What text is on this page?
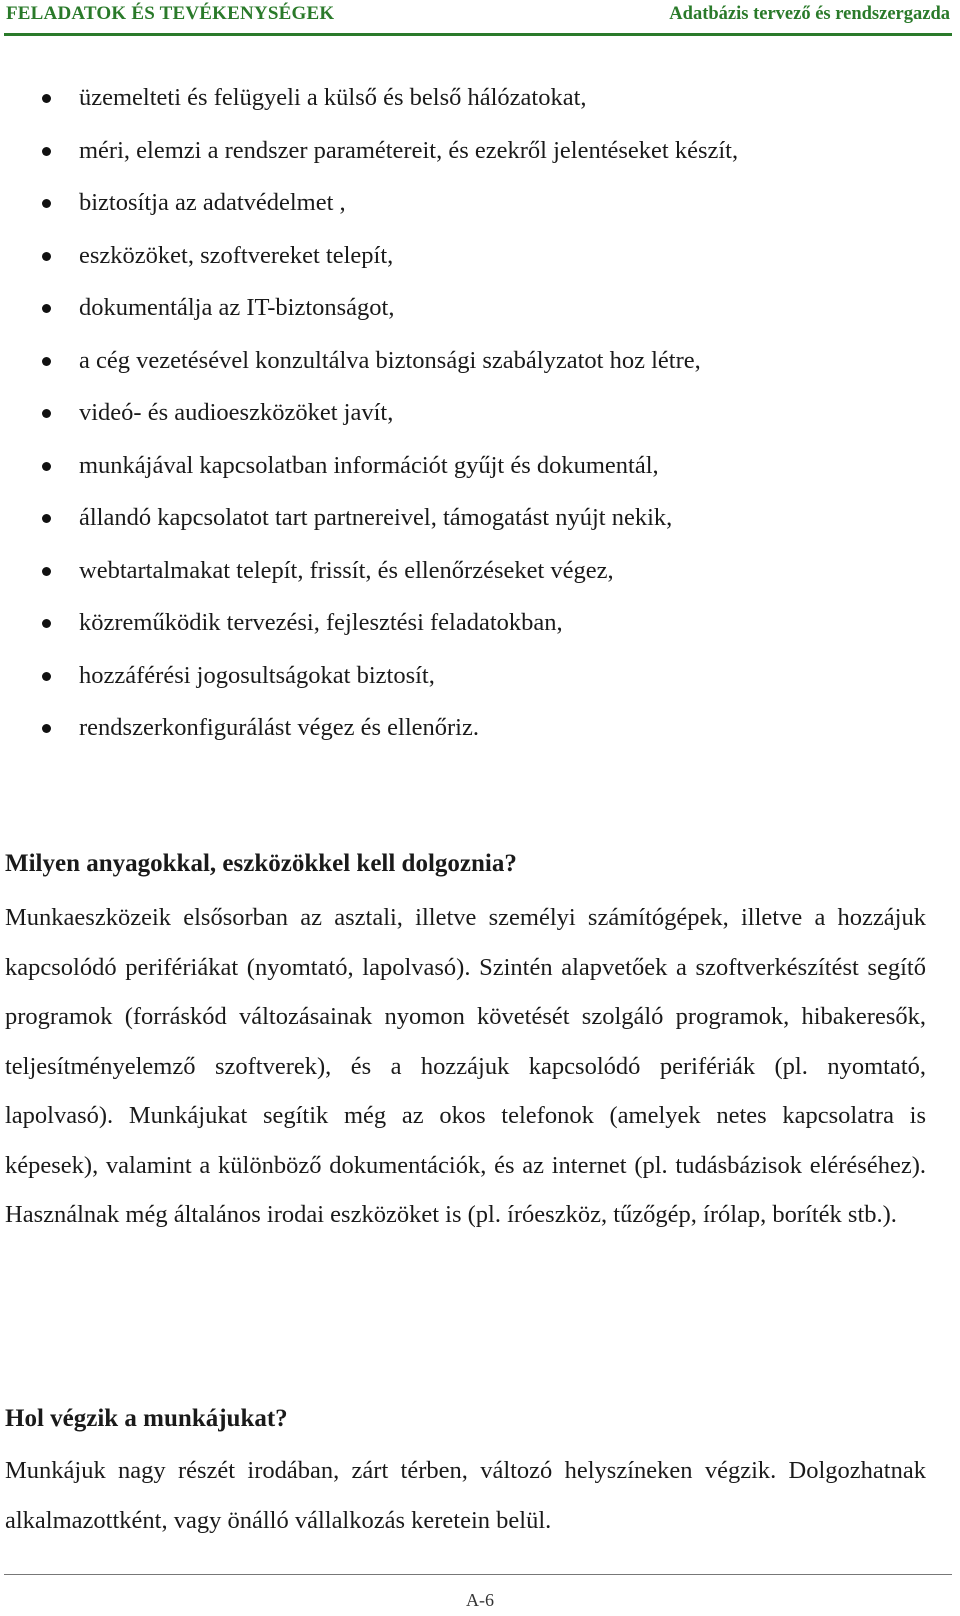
FELADATOK ÉS TEVÉKENYSÉGEK	Adatbázis tervező és rendszergazda
üzemelteti és felügyeli a külső és belső hálózatokat,
méri, elemzi a rendszer paramétereit, és ezekről jelentéseket készít,
biztosítja az adatvédelmet ,
eszközöket, szoftvereket telepít,
dokumentálja az IT-biztonságot,
a cég vezetésével konzultálva biztonsági szabályzatot hoz létre,
videó- és audioeszközöket javít,
munkájával kapcsolatban információt gyűjt és dokumentál,
állandó kapcsolatot tart partnereivel, támogatást nyújt nekik,
webtartalmakat telepít, frissít, és ellenőrzéseket végez,
közreműködik tervezési, fejlesztési feladatokban,
hozzáférési jogosultságokat biztosít,
rendszerkonfigurálást végez és ellenőriz.
Milyen anyagokkal, eszközökkel kell dolgoznia?

Munkaeszközeik elsősorban az asztali, illetve személyi számítógépek, illetve a hozzájuk kapcsolódó perifériákat (nyomtató, lapolvasó). Szintén alapvetőek a szoftverkészítést segítő programok (forráskód változásainak nyomon követését szolgáló programok, hibakeresők, teljesítményelemző szoftverek), és a hozzájuk kapcsolódó perifériák (pl. nyomtató, lapolvasó). Munkájukat segítik még az okos telefonok (amelyek netes kapcsolatra is képesek), valamint a különböző dokumentációk, és az internet (pl. tudásbázisok eléréséhez). Használnak még általános irodai eszközöket is (pl. íróeszköz, tűzőgép, írólap, boríték stb.).

Hol végzik a munkájukat?

Munkájuk nagy részét irodában, zárt térben, változó helyszíneken végzik. Dolgozhatnak alkalmazottként, vagy önálló vállalkozás keretein belül.

A-6
